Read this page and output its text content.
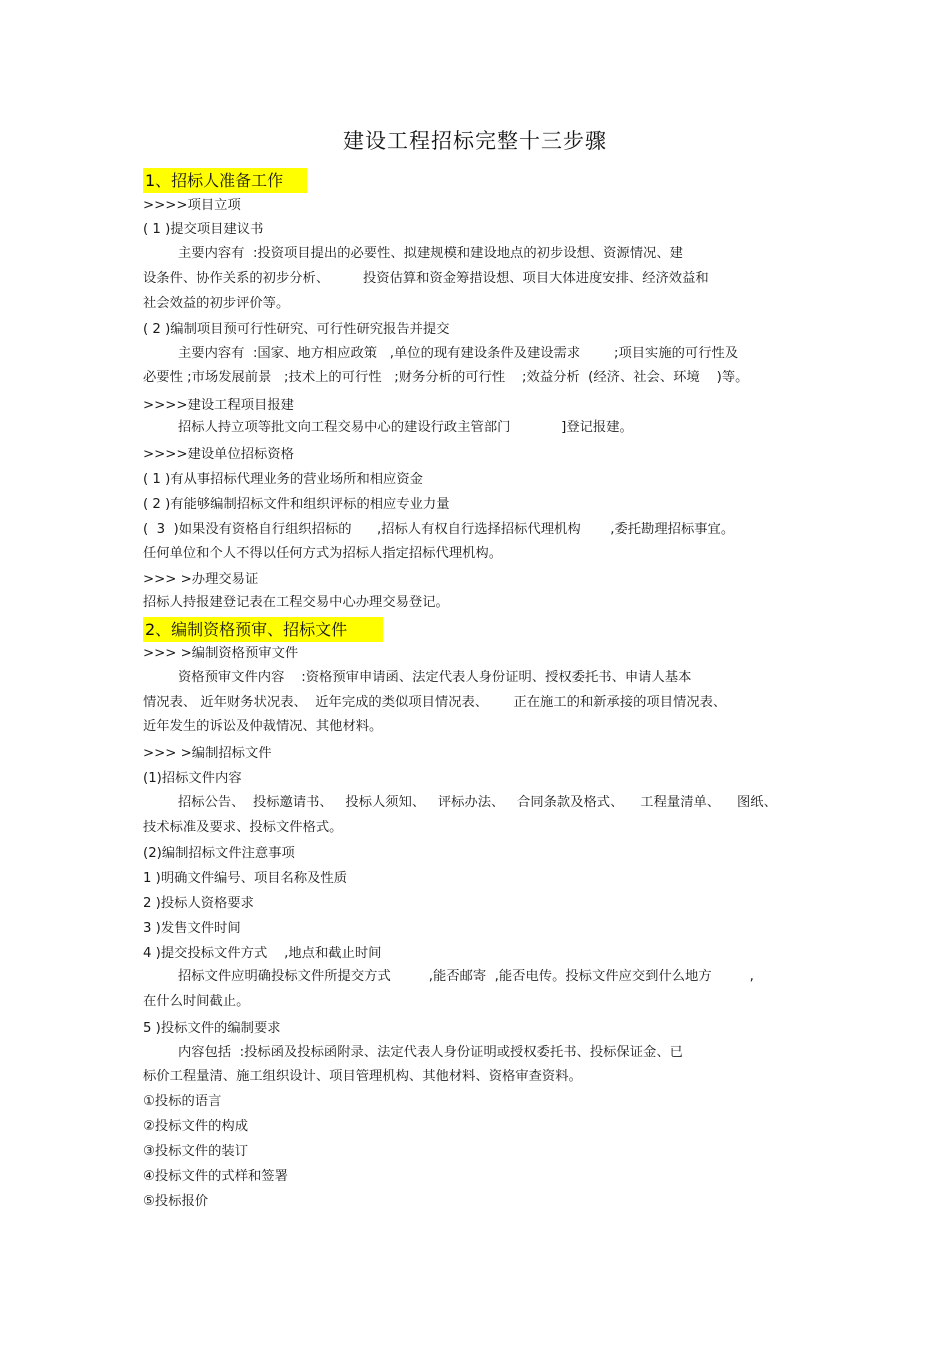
建设工程招标完整十三步骤
1、招标人准备工作
>>>>项目立项
( 1 )提交项目建议书
主要内容有  :投资项目提出的必要性、拟建规模和建设地点的初步设想、资源情况、建
设条件、协作关系的初步分析、        投资估算和资金筹措设想、项目大体进度安排、经济效益和
社会效益的初步评价等。
( 2 )编制项目预可行性研究、可行性研究报告并提交
主要内容有  :国家、地方相应政策   ,单位的现有建设条件及建设需求        ;项目实施的可行性及
必要性 ;市场发展前景   ;技术上的可行性   ;财务分析的可行性    ;效益分析  (经济、社会、环境    )等。
>>>>建设工程项目报建
招标人持立项等批文向工程交易中心的建设行政主管部门            ]登记报建。
>>>>建设单位招标资格
( 1 )有从事招标代理业务的营业场所和相应资金
( 2 )有能够编制招标文件和组织评标的相应专业力量
(  3  )如果没有资格自行组织招标的      ,招标人有权自行选择招标代理机构       ,委托勘理招标事宜。
任何单位和个人不得以任何方式为招标人指定招标代理机构。
>>> >办理交易证
招标人持报建登记表在工程交易中心办理交易登记。
2、编制资格预审、招标文件
>>> >编制资格预审文件
资格预审文件内容    :资格预审申请函、法定代表人身份证明、授权委托书、申请人基本
情况表、 近年财务状况表、  近年完成的类似项目情况表、      正在施工的和新承接的项目情况表、
近年发生的诉讼及仲裁情况、其他材料。
>>> >编制招标文件
(1)招标文件内容
招标公告、  投标邀请书、   投标人须知、   评标办法、   合同条款及格式、    工程量清单、    图纸、
技术标准及要求、投标文件格式。
(2)编制招标文件注意事项
1 )明确文件编号、项目名称及性质
2 )投标人资格要求
3 )发售文件时间
4 )提交投标文件方式    ,地点和截止时间
招标文件应明确投标文件所提交方式         ,能否邮寄  ,能否电传。投标文件应交到什么地方         ,
在什么时间截止。
5 )投标文件的编制要求
内容包括  :投标函及投标函附录、法定代表人身份证明或授权委托书、投标保证金、已
标价工程量清、施工组织设计、项目管理机构、其他材料、资格审查资料。
①投标的语言
②投标文件的构成
③投标文件的装订
④投标文件的式样和签署
⑤投标报价
